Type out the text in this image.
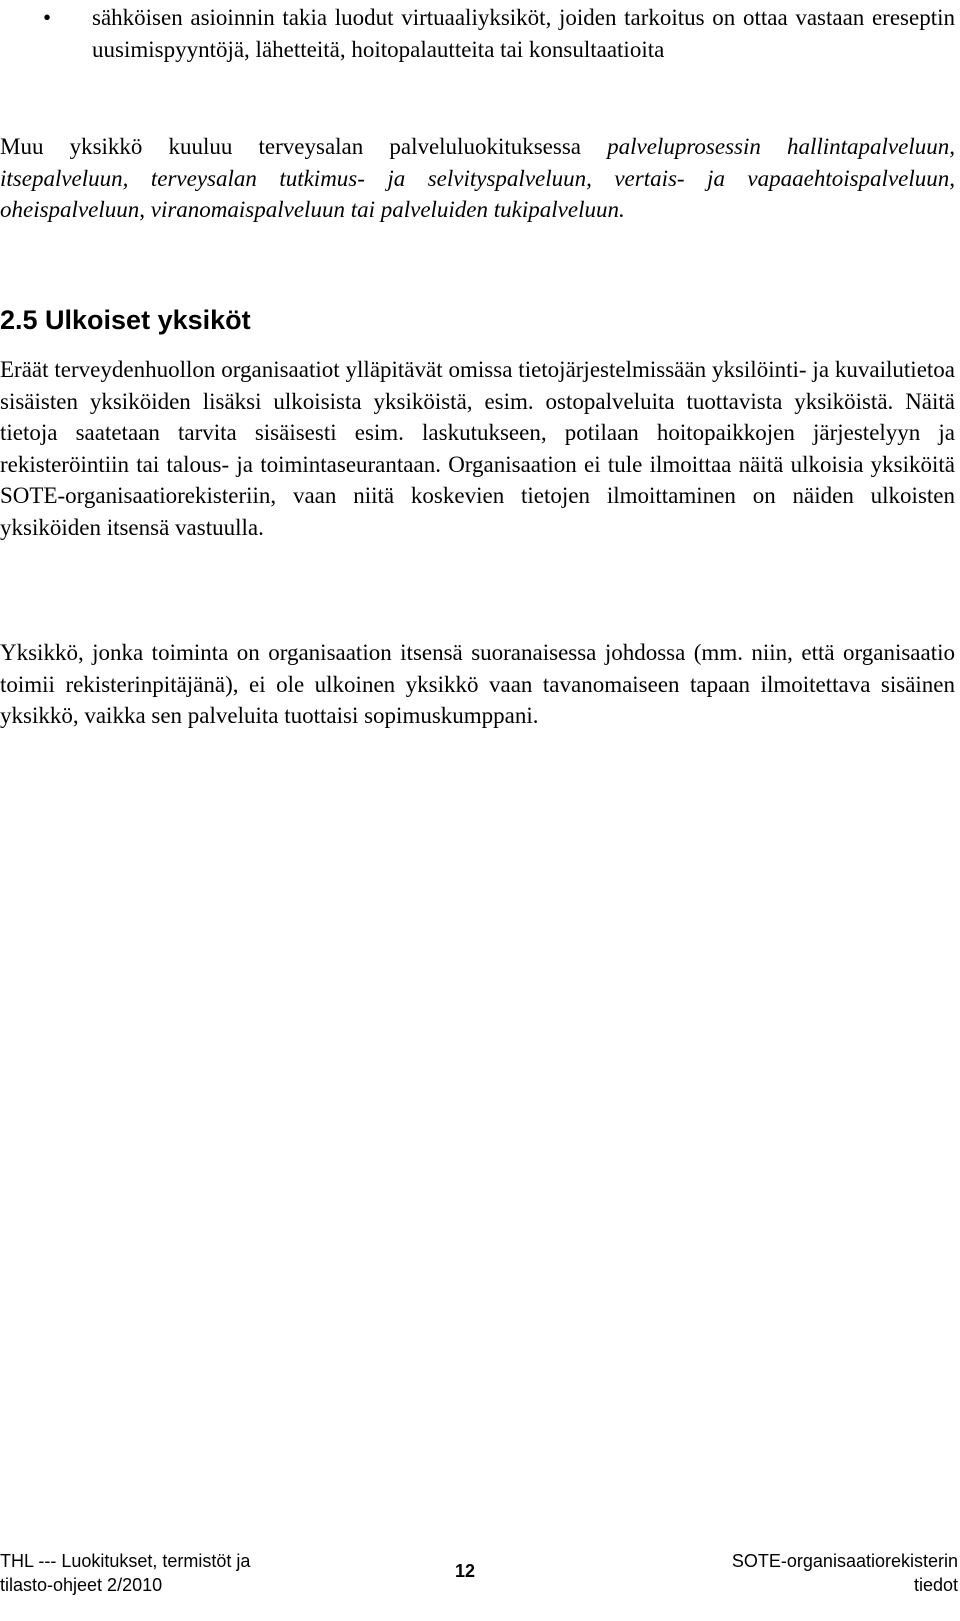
• sähköisen asioinnin takia luodut virtuaaliyksiköt, joiden tarkoitus on ottaa vastaan ereseptin uusimispyyntöjä, lähetteitä, hoitopalautteita tai konsultaatioita

Muu yksikkö kuuluu terveysalan palveluluokituksessa palveluprosessin hallintapalveluun, itsepalveluun, terveysalan tutkimus- ja selvityspalveluun, vertais- ja vapaaehtoispalveluun, oheispalveluun, viranomaispalveluun tai palveluiden tukipalveluun.

2.5 Ulkoiset yksiköt

Eräät terveydenhuollon organisaatiot ylläpitävät omissa tietojärjestelmissään yksilöinti- ja kuvailutietoa sisäisten yksiköiden lisäksi ulkoisista yksiköistä, esim. ostopalveluita tuottavista yksiköistä. Näitä tietoja saatetaan tarvita sisäisesti esim. laskutukseen, potilaan hoitopaikkojen järjestelyyn ja rekisteröintiin tai talous- ja toimintaseurantaan. Organisaation ei tule ilmoittaa näitä ulkoisia yksiköitä SOTE-organisaatiorekisteriin, vaan niitä koskevien tietojen ilmoittaminen on näiden ulkoisten yksiköiden itsensä vastuulla.

Yksikkö, jonka toiminta on organisaation itsensä suoranaisessa johdossa (mm. niin, että organisaatio toimii rekisterinpitäjänä), ei ole ulkoinen yksikkö vaan tavanomaiseen tapaan ilmoitettava sisäinen yksikkö, vaikka sen palveluita tuottaisi sopimuskumppani.

THL --- Luokitukset, termistöt ja
tilasto-ohjeet 2/2010
12	SOTE-organisaatiorekisterin
tiedot
